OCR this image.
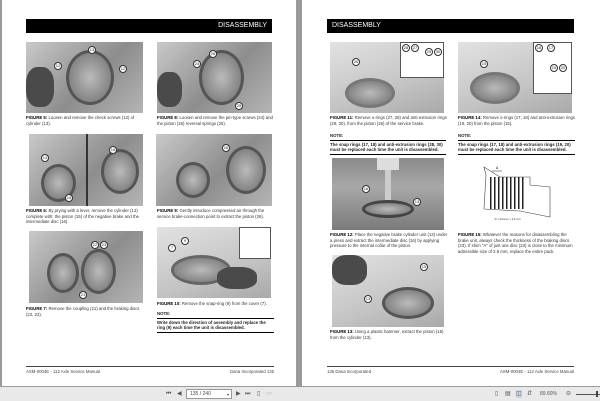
DISASSEMBLY
13
12
12
FIGURE 5: Loosen and remove the check screws (12) of cylinder (13).
26
24
25
FIGURE 8: Loosen and remove the pin-type screws (24) and the piston (26) reversal springs (25).
13
16
15
FIGURE 6: By prying with a lever, remove the cylinder (13) complete with: the piston (15) of the negative brake and the intermediate disc (16).
26
FIGURE 9: Gently introduce compressed air through the service brake-connection point to extract the piston (26).
22	23
21
FIGURE 7: Remove the coupling (21) and the braking discs (22, 23).
7
9
FIGURE 10: Remove the snap-ring (9) from the cover (7).
NOTE:
Write down the direction of assembly and replace the ring (9) each time the unit is disassembled.
ASM-0004E - 112 Axle Service Manual	Dana Incorporated 135
DISASSEMBLY
26
28	27
29	30
FIGURE 11: Remove o-rings (27, 28) and anti-extrusion rings (29, 30), from the piston (26) of the service brake.
15
18	17
19	20
FIGURE 14: Remove o-rings (17, 18) and anti-extrusion rings (19, 20) from the piston (15).
NOTE:
The snap rings (17, 18) and anti-extrusion rings (28, 30) must be replaced each time the unit is disassembled.
NOTE:
The snap rings (17, 18) and anti-extrusion rings (19, 20) must be replaced each time the unit is disassembled.
16
13
FIGURE 12: Place the negative brake cylinder unit (13) under a press and extract the intermediate disc (16) by applying pressure to the internal collar of the piston.
A
"A" minimum = 2.9 mm
FIGURE 15: Whatever the reasons for disassembling the brake unit, always check the thickness of the braking discs (23). If shim "A" of just one disc (23) is close to the minimum admissible size of 2.9 mm, replace the entire pack.
15
13
FIGURE 13: Using a plastic hammer, extract the piston (15) from the cylinder (13).
136 Dana Incorporated	ASM-0004E - 112 Axle Service Manual
⏮ ◀	135 / 240	▾ ▶ ⏭ ▯ ▭	▯ ▤ ◫ ⇵ 89.60% ⊖
